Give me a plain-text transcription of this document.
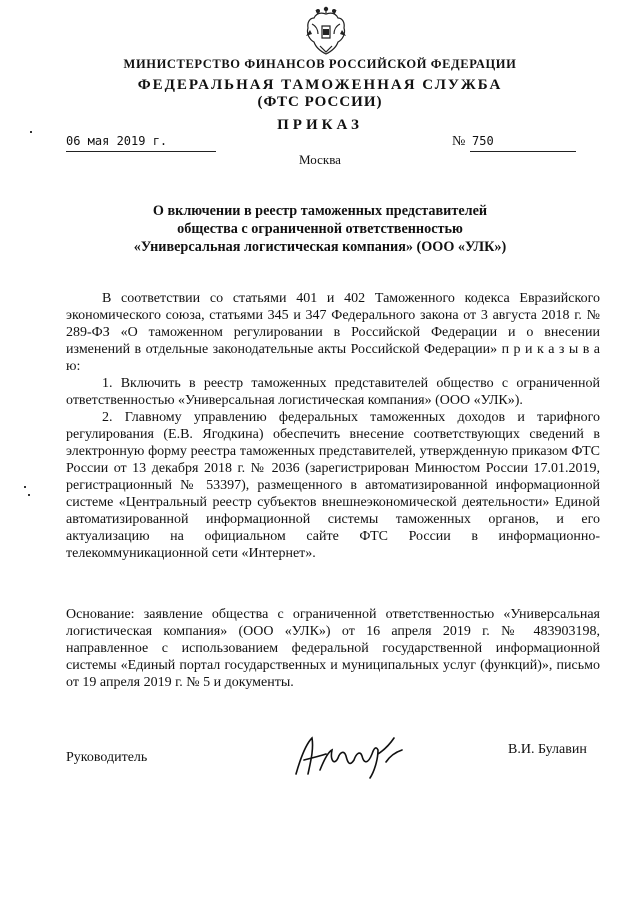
МИНИСТЕРСТВО ФИНАНСОВ РОССИЙСКОЙ ФЕДЕРАЦИИ
ФЕДЕРАЛЬНАЯ ТАМОЖЕННАЯ СЛУЖБА
(ФТС РОССИИ)
ПРИКАЗ
06 мая 2019 г.	№ 750
Москва
О включении в реестр таможенных представителей
общества с ограниченной ответственностью
«Универсальная логистическая компания» (ООО «УЛК»)

В соответствии со статьями 401 и 402 Таможенного кодекса Евразийского экономического союза, статьями 345 и 347 Федерального закона от 3 августа 2018 г. № 289-ФЗ «О таможенном регулировании в Российской Федерации и о внесении изменений в отдельные законодательные акты Российской Федерации» п р и к а з ы в а ю:

1. Включить в реестр таможенных представителей общество с ограниченной ответственностью «Универсальная логистическая компания» (ООО «УЛК»).

2. Главному управлению федеральных таможенных доходов и тарифного регулирования (Е.В. Ягодкина) обеспечить внесение соответствующих сведений в электронную форму реестра таможенных представителей, утвержденную приказом ФТС России от 13 декабря 2018 г. № 2036 (зарегистрирован Минюстом России 17.01.2019, регистрационный № 53397), размещенного в автоматизированной информационной системе «Центральный реестр субъектов внешнеэкономической деятельности» Единой автоматизированной информационной системы таможенных органов, и его актуализацию на официальном сайте ФТС России в информационно-телекоммуникационной сети «Интернет».

Основание: заявление общества с ограниченной ответственностью «Универсальная логистическая компания» (ООО «УЛК») от 16 апреля 2019 г. № 483903198, направленное с использованием федеральной государственной информационной системы «Единый портал государственных и муниципальных услуг (функций)», письмо от 19 апреля 2019 г. № 5 и документы.

Руководитель
В.И. Булавин
